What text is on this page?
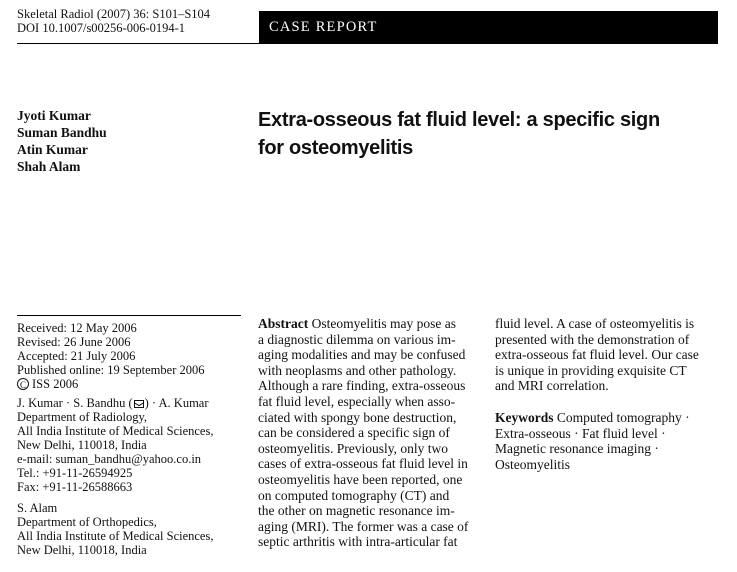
Skeletal Radiol (2007) 36: S101–S104
DOI 10.1007/s00256-006-0194-1	CASE REPORT
Jyoti Kumar
Suman Bandhu
Atin Kumar
Shah Alam
Extra-osseous fat fluid level: a specific sign
for osteomyelitis
Received: 12 May 2006
Revised: 26 June 2006
Accepted: 21 July 2006
Published online: 19 September 2006
C ISS 2006
J. Kumar · S. Bandhu ( ) · A. Kumar
Department of Radiology,
All India Institute of Medical Sciences,
New Delhi, 110018, India
e-mail: suman_bandhu@yahoo.co.in
Tel.: +91-11-26594925
Fax: +91-11-26588663
S. Alam
Department of Orthopedics,
All India Institute of Medical Sciences,
New Delhi, 110018, India
Abstract Osteomyelitis may pose as
a diagnostic dilemma on various im-
aging modalities and may be confused
with neoplasms and other pathology.
Although a rare finding, extra-osseous
fat fluid level, especially when asso-
ciated with spongy bone destruction,
can be considered a specific sign of
osteomyelitis. Previously, only two
cases of extra-osseous fat fluid level in
osteomyelitis have been reported, one
on computed tomography (CT) and
the other on magnetic resonance im-
aging (MRI). The former was a case of
septic arthritis with intra-articular fat
fluid level. A case of osteomyelitis is
presented with the demonstration of
extra-osseous fat fluid level. Our case
is unique in providing exquisite CT
and MRI correlation.
Keywords Computed tomography ·
Extra-osseous · Fat fluid level ·
Magnetic resonance imaging ·
Osteomyelitis
